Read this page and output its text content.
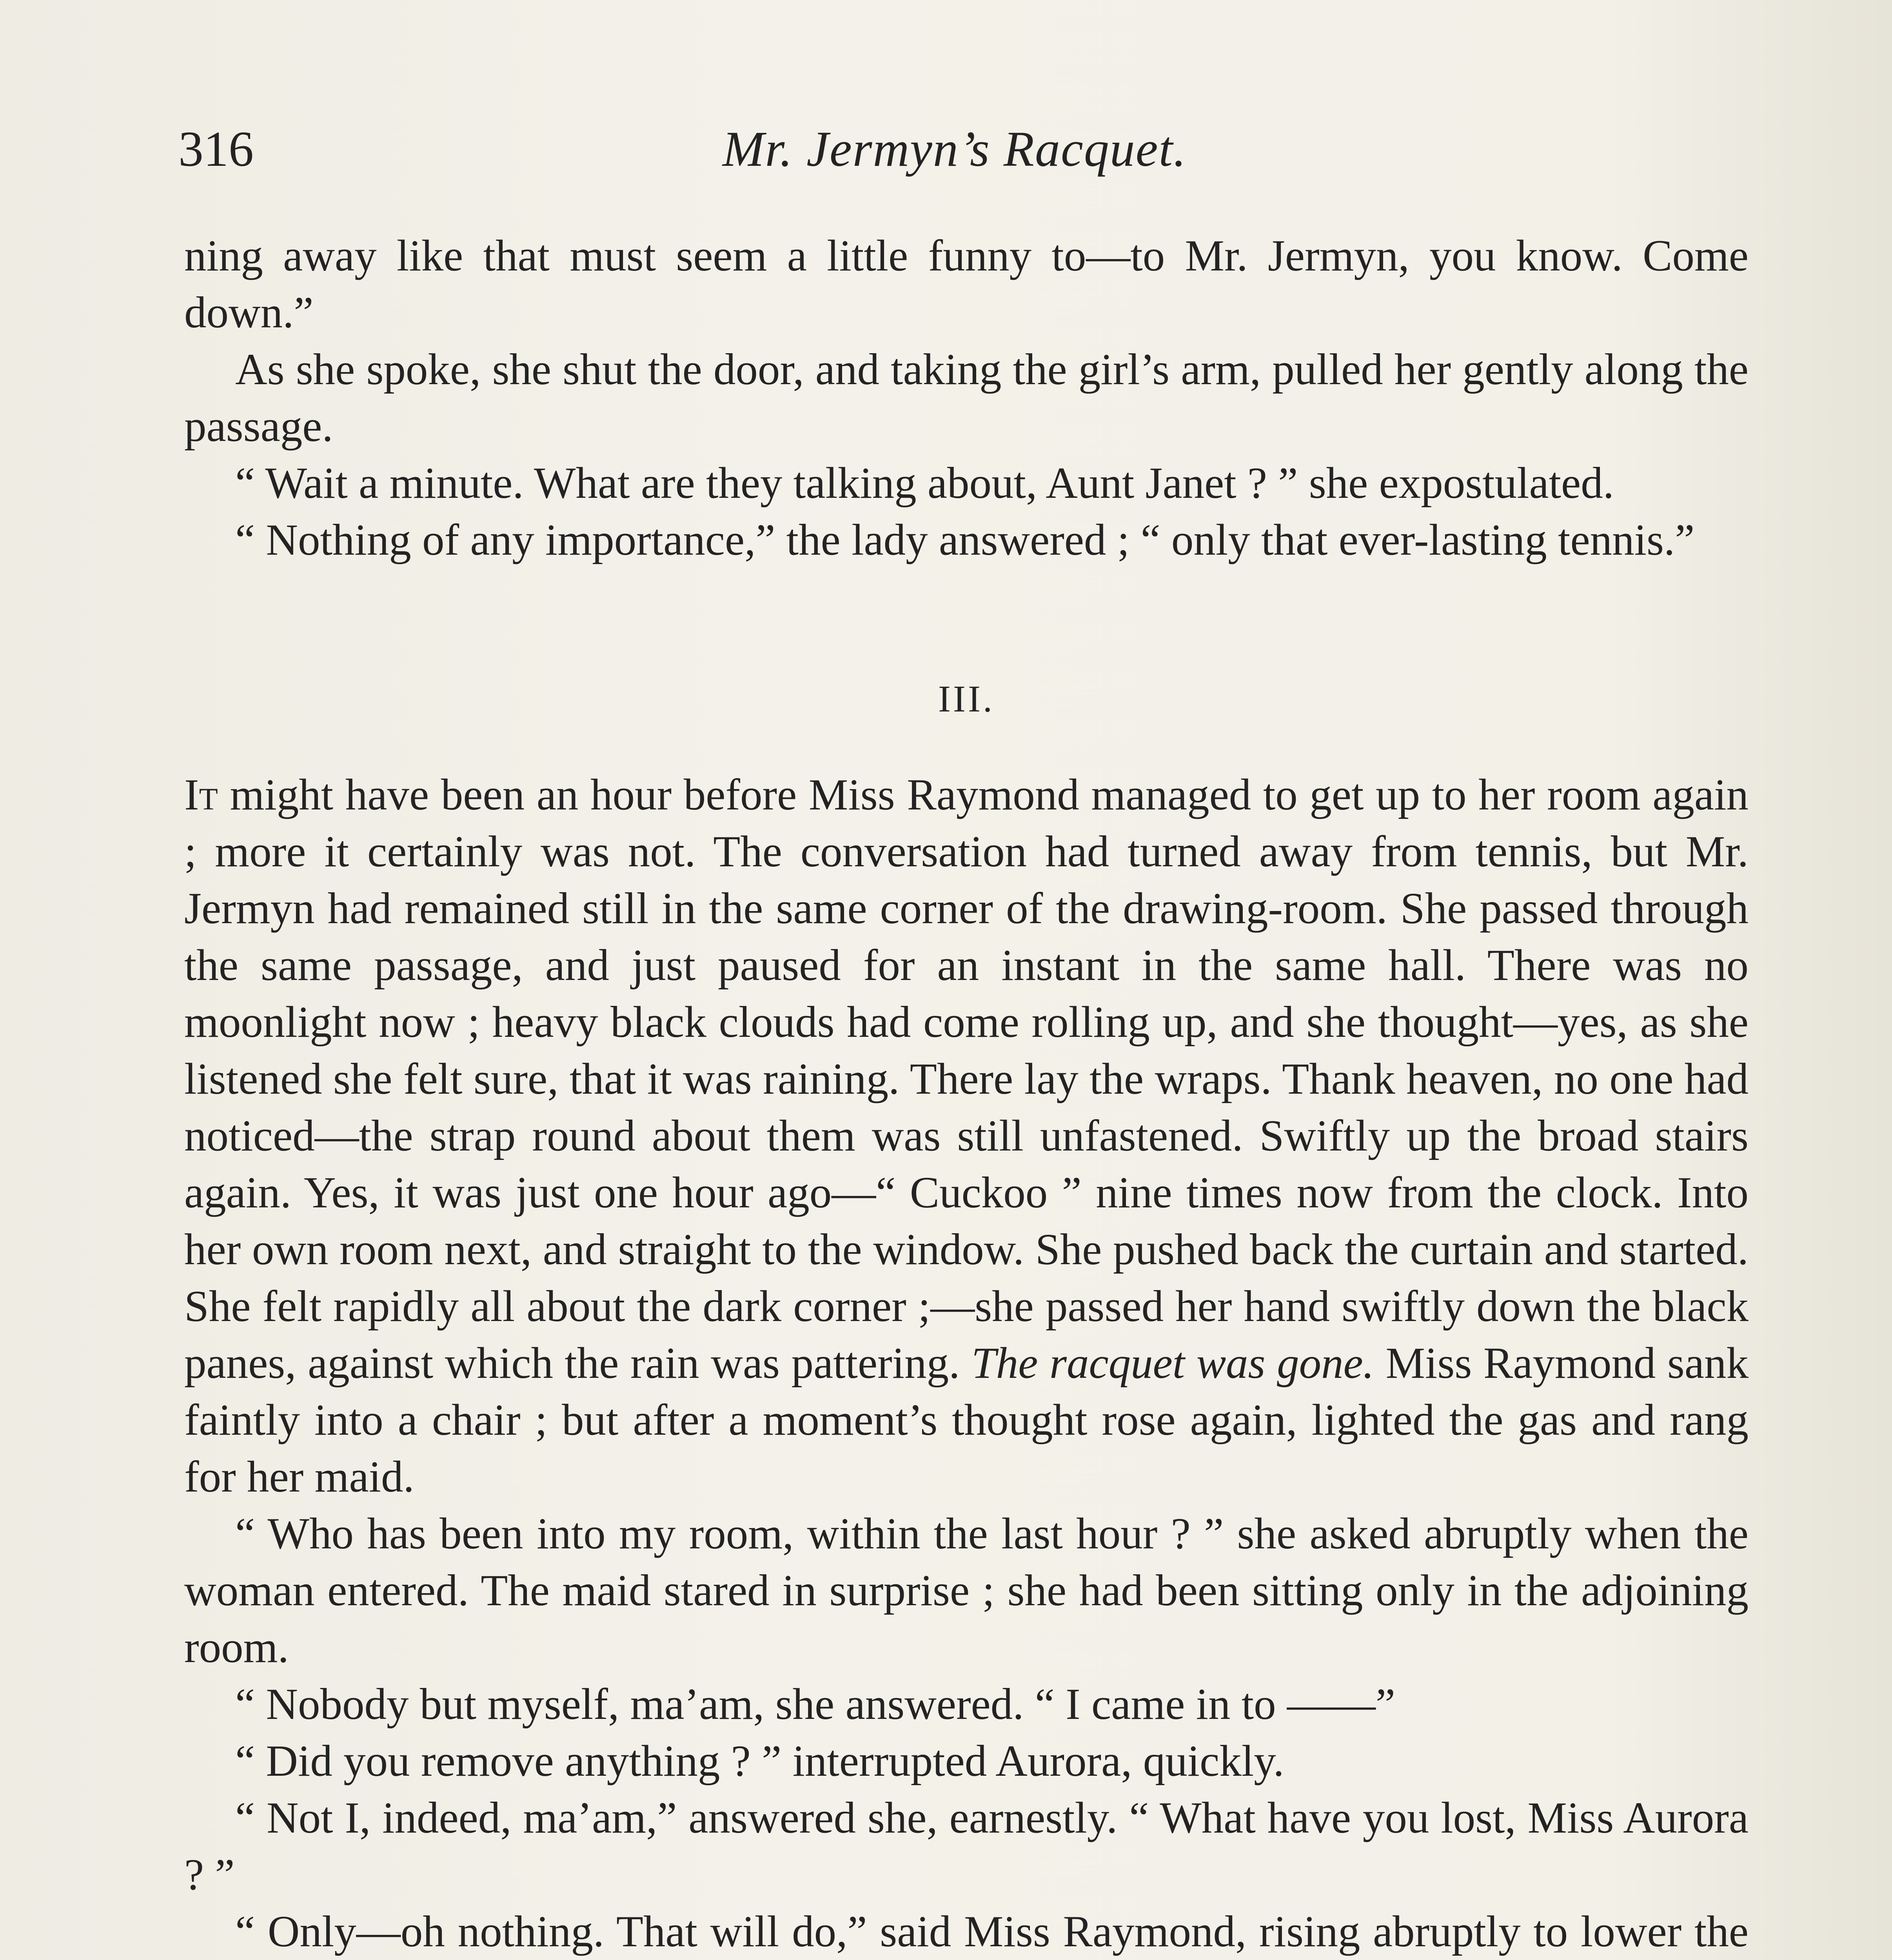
Mr. Jermyn’s Racquet.
316

ning away like that must seem a little funny to—to Mr. Jermyn, you know. Come down.”

As she spoke, she shut the door, and taking the girl’s arm, pulled her gently along the passage.

“ Wait a minute. What are they talking about, Aunt Janet ? ” she expostulated.

“ Nothing of any importance,” the lady answered ; “ only that ever-lasting tennis.”

III.

It might have been an hour before Miss Raymond managed to get up to her room again ; more it certainly was not. The conversation had turned away from tennis, but Mr. Jermyn had remained still in the same corner of the drawing-room. She passed through the same passage, and just paused for an instant in the same hall. There was no moonlight now ; heavy black clouds had come rolling up, and she thought—yes, as she listened she felt sure, that it was raining. There lay the wraps. Thank heaven, no one had noticed—the strap round about them was still unfastened. Swiftly up the broad stairs again. Yes, it was just one hour ago—“ Cuckoo ” nine times now from the clock. Into her own room next, and straight to the window. She pushed back the curtain and started. She felt rapidly all about the dark corner ;—she passed her hand swiftly down the black panes, against which the rain was pattering. The racquet was gone. Miss Raymond sank faintly into a chair ; but after a moment’s thought rose again, lighted the gas and rang for her maid.

“ Who has been into my room, within the last hour ? ” she asked abruptly when the woman entered. The maid stared in surprise ; she had been sitting only in the adjoining room.

“ Nobody but myself, ma’am, she answered. “ I came in to ——”

“ Did you remove anything ? ” interrupted Aurora, quickly.

“ Not I, indeed, ma’am,” answered she, earnestly. “ What have you lost, Miss Aurora ? ”

“ Only—oh nothing. That will do,” said Miss Raymond, rising abruptly to lower the
